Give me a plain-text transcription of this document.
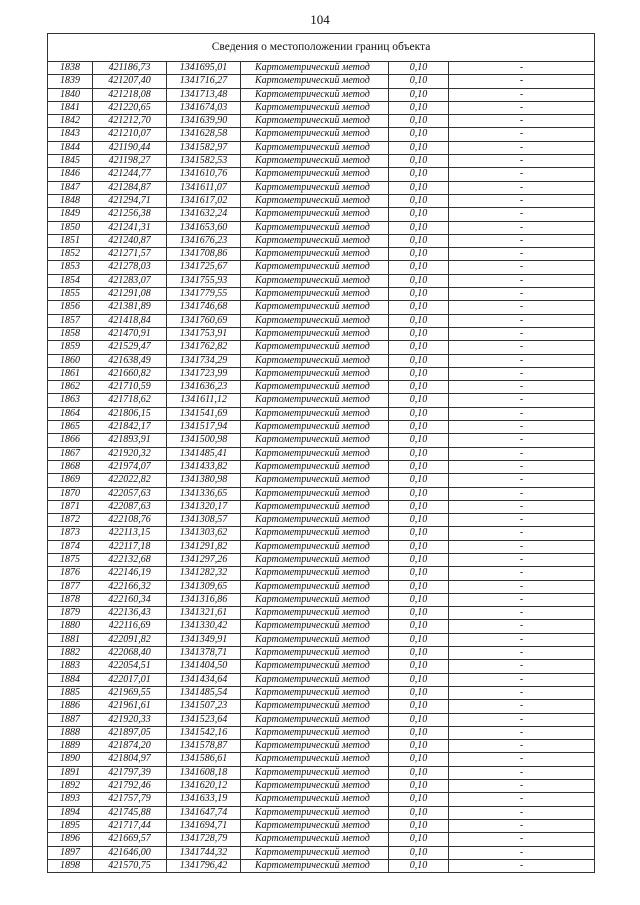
104
Сведения о местоположении границ объекта					
1838	421186,73	1341695,01	Картометрический метод	0,10	-
1839	421207,40	1341716,27	Картометрический метод	0,10	-
1840	421218,08	1341713,48	Картометрический метод	0,10	-
1841	421220,65	1341674,03	Картометрический метод	0,10	-
1842	421212,70	1341639,90	Картометрический метод	0,10	-
1843	421210,07	1341628,58	Картометрический метод	0,10	-
1844	421190,44	1341582,97	Картометрический метод	0,10	-
1845	421198,27	1341582,53	Картометрический метод	0,10	-
1846	421244,77	1341610,76	Картометрический метод	0,10	-
1847	421284,87	1341611,07	Картометрический метод	0,10	-
1848	421294,71	1341617,02	Картометрический метод	0,10	-
1849	421256,38	1341632,24	Картометрический метод	0,10	-
1850	421241,31	1341653,60	Картометрический метод	0,10	-
1851	421240,87	1341676,23	Картометрический метод	0,10	-
1852	421271,57	1341708,86	Картометрический метод	0,10	-
1853	421278,03	1341725,67	Картометрический метод	0,10	-
1854	421283,07	1341755,93	Картометрический метод	0,10	-
1855	421291,08	1341779,55	Картометрический метод	0,10	-
1856	421381,89	1341746,68	Картометрический метод	0,10	-
1857	421418,84	1341760,69	Картометрический метод	0,10	-
1858	421470,91	1341753,91	Картометрический метод	0,10	-
1859	421529,47	1341762,82	Картометрический метод	0,10	-
1860	421638,49	1341734,29	Картометрический метод	0,10	-
1861	421660,82	1341723,99	Картометрический метод	0,10	-
1862	421710,59	1341636,23	Картометрический метод	0,10	-
1863	421718,62	1341611,12	Картометрический метод	0,10	-
1864	421806,15	1341541,69	Картометрический метод	0,10	-
1865	421842,17	1341517,94	Картометрический метод	0,10	-
1866	421893,91	1341500,98	Картометрический метод	0,10	-
1867	421920,32	1341485,41	Картометрический метод	0,10	-
1868	421974,07	1341433,82	Картометрический метод	0,10	-
1869	422022,82	1341380,98	Картометрический метод	0,10	-
1870	422057,63	1341336,65	Картометрический метод	0,10	-
1871	422087,63	1341320,17	Картометрический метод	0,10	-
1872	422108,76	1341308,57	Картометрический метод	0,10	-
1873	422113,15	1341303,62	Картометрический метод	0,10	-
1874	422117,18	1341291,82	Картометрический метод	0,10	-
1875	422132,68	1341297,26	Картометрический метод	0,10	-
1876	422146,19	1341282,32	Картометрический метод	0,10	-
1877	422166,32	1341309,65	Картометрический метод	0,10	-
1878	422160,34	1341316,86	Картометрический метод	0,10	-
1879	422136,43	1341321,61	Картометрический метод	0,10	-
1880	422116,69	1341330,42	Картометрический метод	0,10	-
1881	422091,82	1341349,91	Картометрический метод	0,10	-
1882	422068,40	1341378,71	Картометрический метод	0,10	-
1883	422054,51	1341404,50	Картометрический метод	0,10	-
1884	422017,01	1341434,64	Картометрический метод	0,10	-
1885	421969,55	1341485,54	Картометрический метод	0,10	-
1886	421961,61	1341507,23	Картометрический метод	0,10	-
1887	421920,33	1341523,64	Картометрический метод	0,10	-
1888	421897,05	1341542,16	Картометрический метод	0,10	-
1889	421874,20	1341578,87	Картометрический метод	0,10	-
1890	421804,97	1341586,61	Картометрический метод	0,10	-
1891	421797,39	1341608,18	Картометрический метод	0,10	-
1892	421792,46	1341620,12	Картометрический метод	0,10	-
1893	421757,79	1341633,19	Картометрический метод	0,10	-
1894	421745,88	1341647,74	Картометрический метод	0,10	-
1895	421717,44	1341694,71	Картометрический метод	0,10	-
1896	421669,57	1341728,79	Картометрический метод	0,10	-
1897	421646,00	1341744,32	Картометрический метод	0,10	-
1898	421570,75	1341796,42	Картометрический метод	0,10	-
